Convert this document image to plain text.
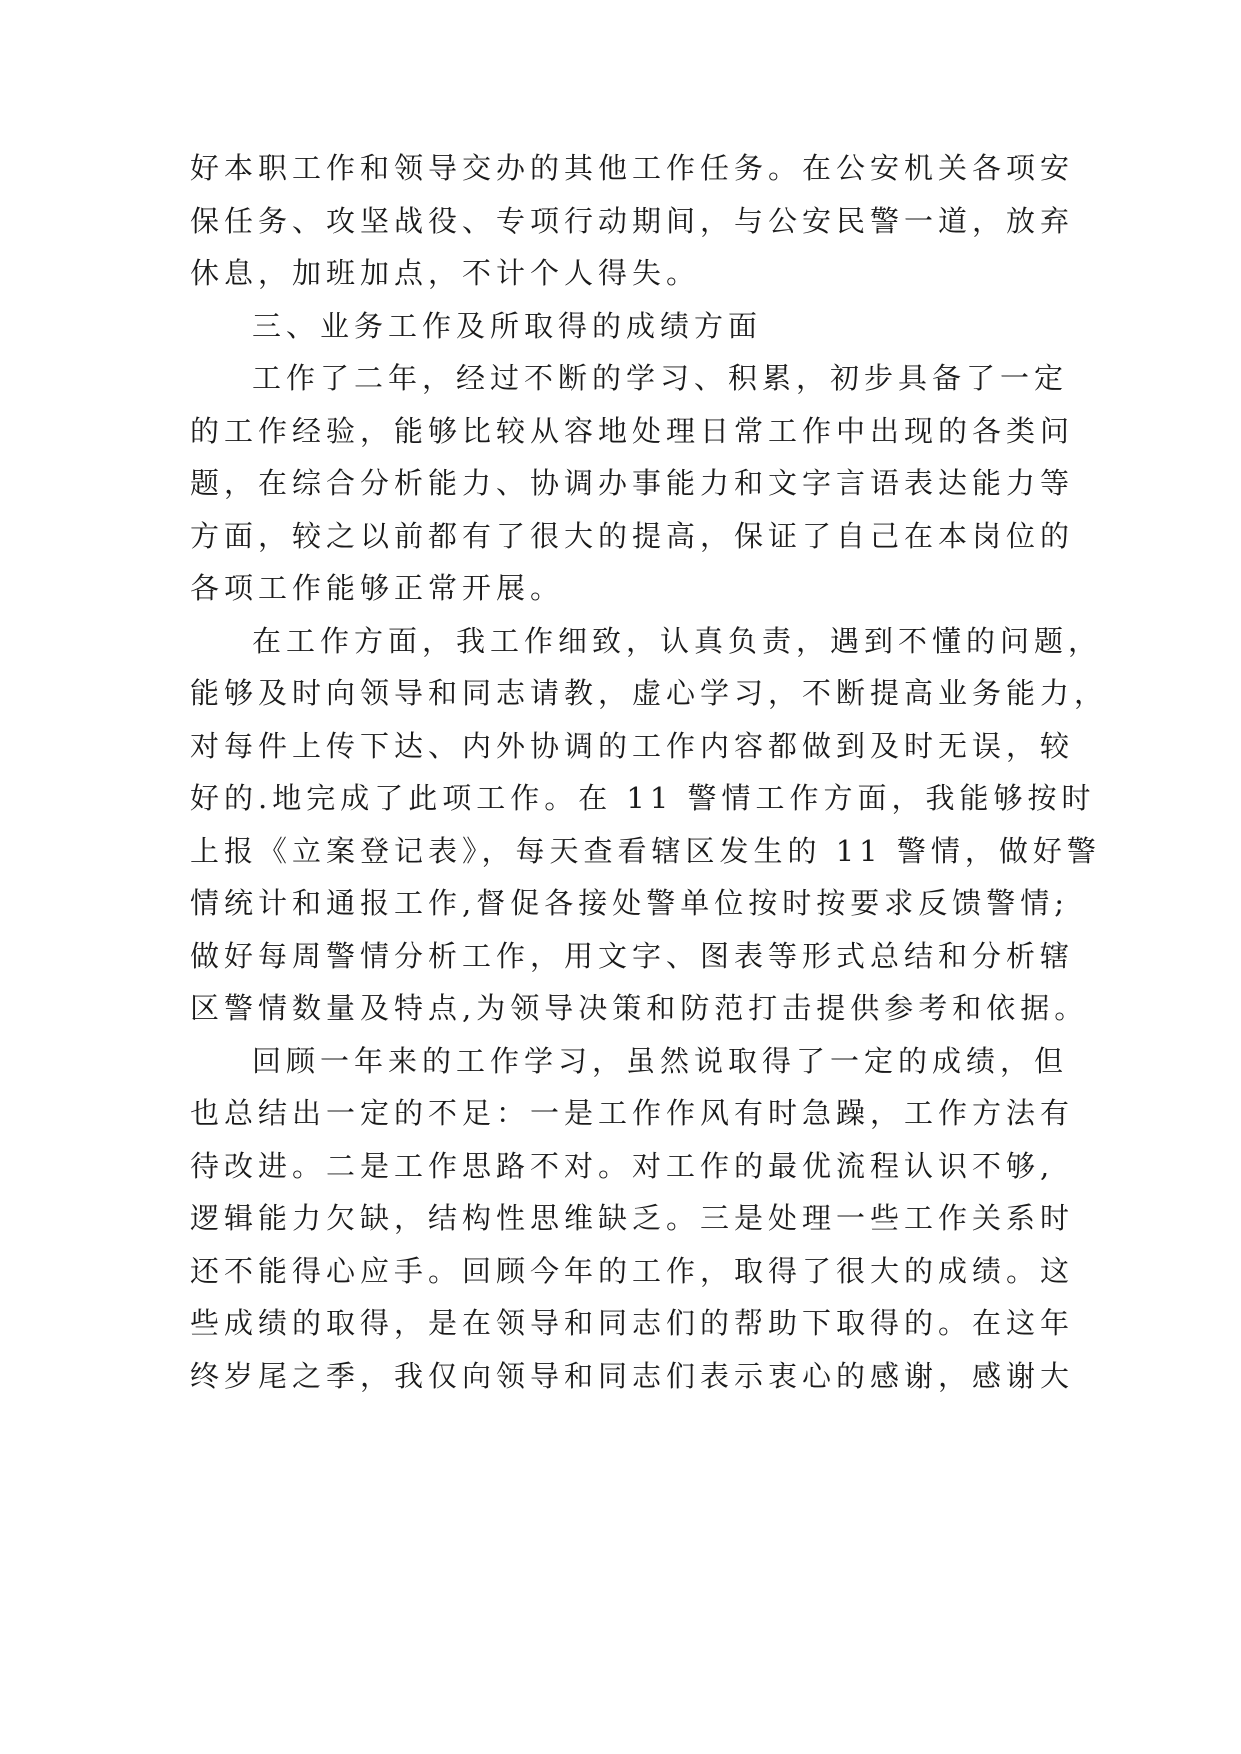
好本职工作和领导交办的其他工作任务。在公安机关各项安
保任务、攻坚战役、专项行动期间，与公安民警一道，放弃
休息，加班加点，不计个人得失。
三、业务工作及所取得的成绩方面
工作了二年，经过不断的学习、积累，初步具备了一定
的工作经验，能够比较从容地处理日常工作中出现的各类问
题，在综合分析能力、协调办事能力和文字言语表达能力等
方面，较之以前都有了很大的提高，保证了自己在本岗位的
各项工作能够正常开展。
在工作方面，我工作细致，认真负责，遇到不懂的问题，
能够及时向领导和同志请教，虚心学习，不断提高业务能力，
对每件上传下达、内外协调的工作内容都做到及时无误，较
好的.地完成了此项工作。在 11 警情工作方面，我能够按时
上报《立案登记表》，每天查看辖区发生的 11 警情，做好警
情统计和通报工作,督促各接处警单位按时按要求反馈警情;
做好每周警情分析工作，用文字、图表等形式总结和分析辖
区警情数量及特点,为领导决策和防范打击提供参考和依据。
回顾一年来的工作学习，虽然说取得了一定的成绩，但
也总结出一定的不足：一是工作作风有时急躁，工作方法有
待改进。二是工作思路不对。对工作的最优流程认识不够,
逻辑能力欠缺，结构性思维缺乏。三是处理一些工作关系时
还不能得心应手。回顾今年的工作，取得了很大的成绩。这
些成绩的取得，是在领导和同志们的帮助下取得的。在这年
终岁尾之季，我仅向领导和同志们表示衷心的感谢，感谢大
